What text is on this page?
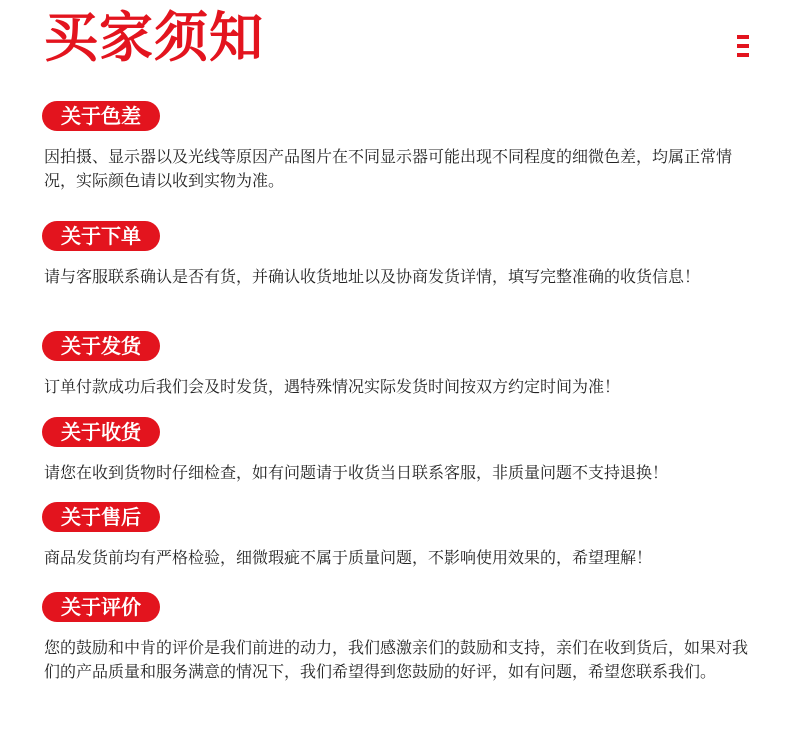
买家须知
关于色差

因拍摄、显示器以及光线等原因产品图片在不同显示器可能出现不同程度的细微色差，均属正常情况，实际颜色请以收到实物为准。

关于下单

请与客服联系确认是否有货，并确认收货地址以及协商发货详情，填写完整准确的收货信息！

关于发货

订单付款成功后我们会及时发货，遇特殊情况实际发货时间按双方约定时间为准！

关于收货

请您在收到货物时仔细检查，如有问题请于收货当日联系客服，非质量问题不支持退换！

关于售后

商品发货前均有严格检验，细微瑕疵不属于质量问题，不影响使用效果的，希望理解！

关于评价

您的鼓励和中肯的评价是我们前进的动力，我们感激亲们的鼓励和支持，亲们在收到货后，如果对我们的产品质量和服务满意的情况下，我们希望得到您鼓励的好评，如有问题，希望您联系我们。
